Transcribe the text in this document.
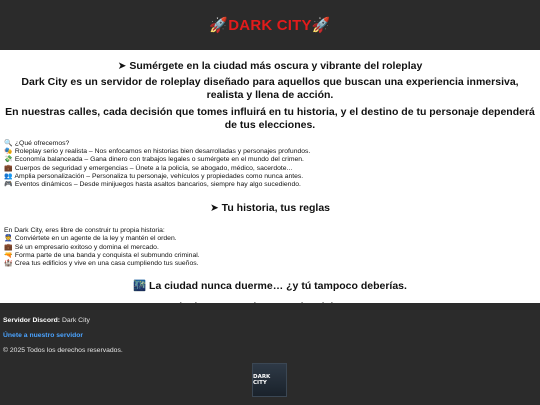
🚀DARK CITY🚀
➤ Sumérgete en la ciudad más oscura y vibrante del roleplay
Dark City es un servidor de roleplay diseñado para aquellos que buscan una experiencia inmersiva, realista y llena de acción.
En nuestras calles, cada decisión que tomes influirá en tu historia, y el destino de tu personaje dependerá de tus elecciones.
🔍 ¿Qué ofrecemos?
🎭 Roleplay serio y realista – Nos enfocamos en historias bien desarrolladas y personajes profundos.
💸 Economía balanceada – Gana dinero con trabajos legales o sumérgete en el mundo del crimen.
💼 Cuerpos de seguridad y emergencias – Únete a la policía, se abogado, médico, sacerdote...
👥 Amplia personalización – Personaliza tu personaje, vehículos y propiedades como nunca antes.
🎮 Eventos dinámicos – Desde minijuegos hasta asaltos bancarios, siempre hay algo sucediendo.
➤ Tu historia, tus reglas
En Dark City, eres libre de construir tu propia historia:
👮 Conviértete en un agente de la ley y mantén el orden.
💼 Sé un empresario exitoso y domina el mercado.
🔫 Forma parte de una banda y conquista el submundo criminal.
🏰 Crea tus edificios y vive en una casa cumpliendo tus sueños.
🌃 La ciudad nunca duerme… ¿y tú tampoco deberías.
Servidor Discord: Dark City
Únete a nuestro servidor
© 2025 Todos los derechos reservados.
DARK CITY
